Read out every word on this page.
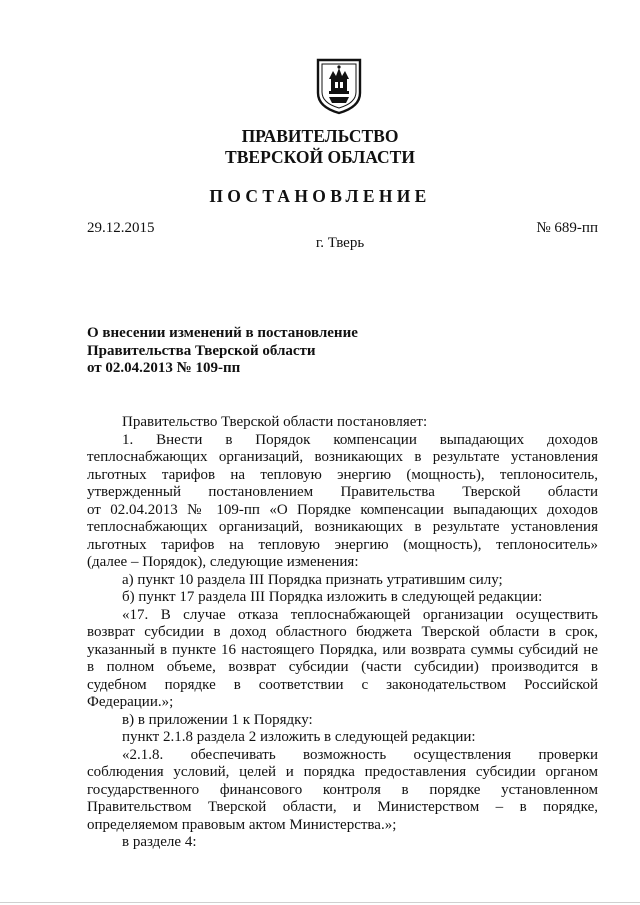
ПРАВИТЕЛЬСТВО
ТВЕРСКОЙ ОБЛАСТИ
ПОСТАНОВЛЕНИЕ
29.12.2015	№ 689-пп
г. Тверь
О внесении изменений в постановление
Правительства Тверской области
от 02.04.2013 № 109-пп

Правительство Тверской области постановляет:

1. Внести в Порядок компенсации выпадающих доходов

теплоснабжающих организаций, возникающих в результате установления

льготных тарифов на тепловую энергию (мощность), теплоноситель,

утвержденный постановлением Правительства Тверской области

от 02.04.2013 № 109-пп «О Порядке компенсации выпадающих доходов

теплоснабжающих организаций, возникающих в результате установления

льготных тарифов на тепловую энергию (мощность), теплоноситель»

(далее – Порядок), следующие изменения:

а) пункт 10 раздела III Порядка признать утратившим силу;

б) пункт 17 раздела III Порядка изложить в следующей редакции:

«17. В случае отказа теплоснабжающей организации осуществить

возврат субсидии в доход областного бюджета Тверской области в срок,

указанный в пункте 16 настоящего Порядка, или возврата суммы субсидий не

в полном объеме, возврат субсидии (части субсидии) производится в

судебном порядке в соответствии с законодательством Российской

Федерации.»;

в) в приложении 1 к Порядку:

пункт 2.1.8 раздела 2 изложить в следующей редакции:

«2.1.8. обеспечивать возможность осуществления проверки

соблюдения условий, целей и порядка предоставления субсидии органом

государственного финансового контроля в порядке установленном

Правительством Тверской области, и Министерством – в порядке,

определяемом правовым актом Министерства.»;

в разделе 4:
